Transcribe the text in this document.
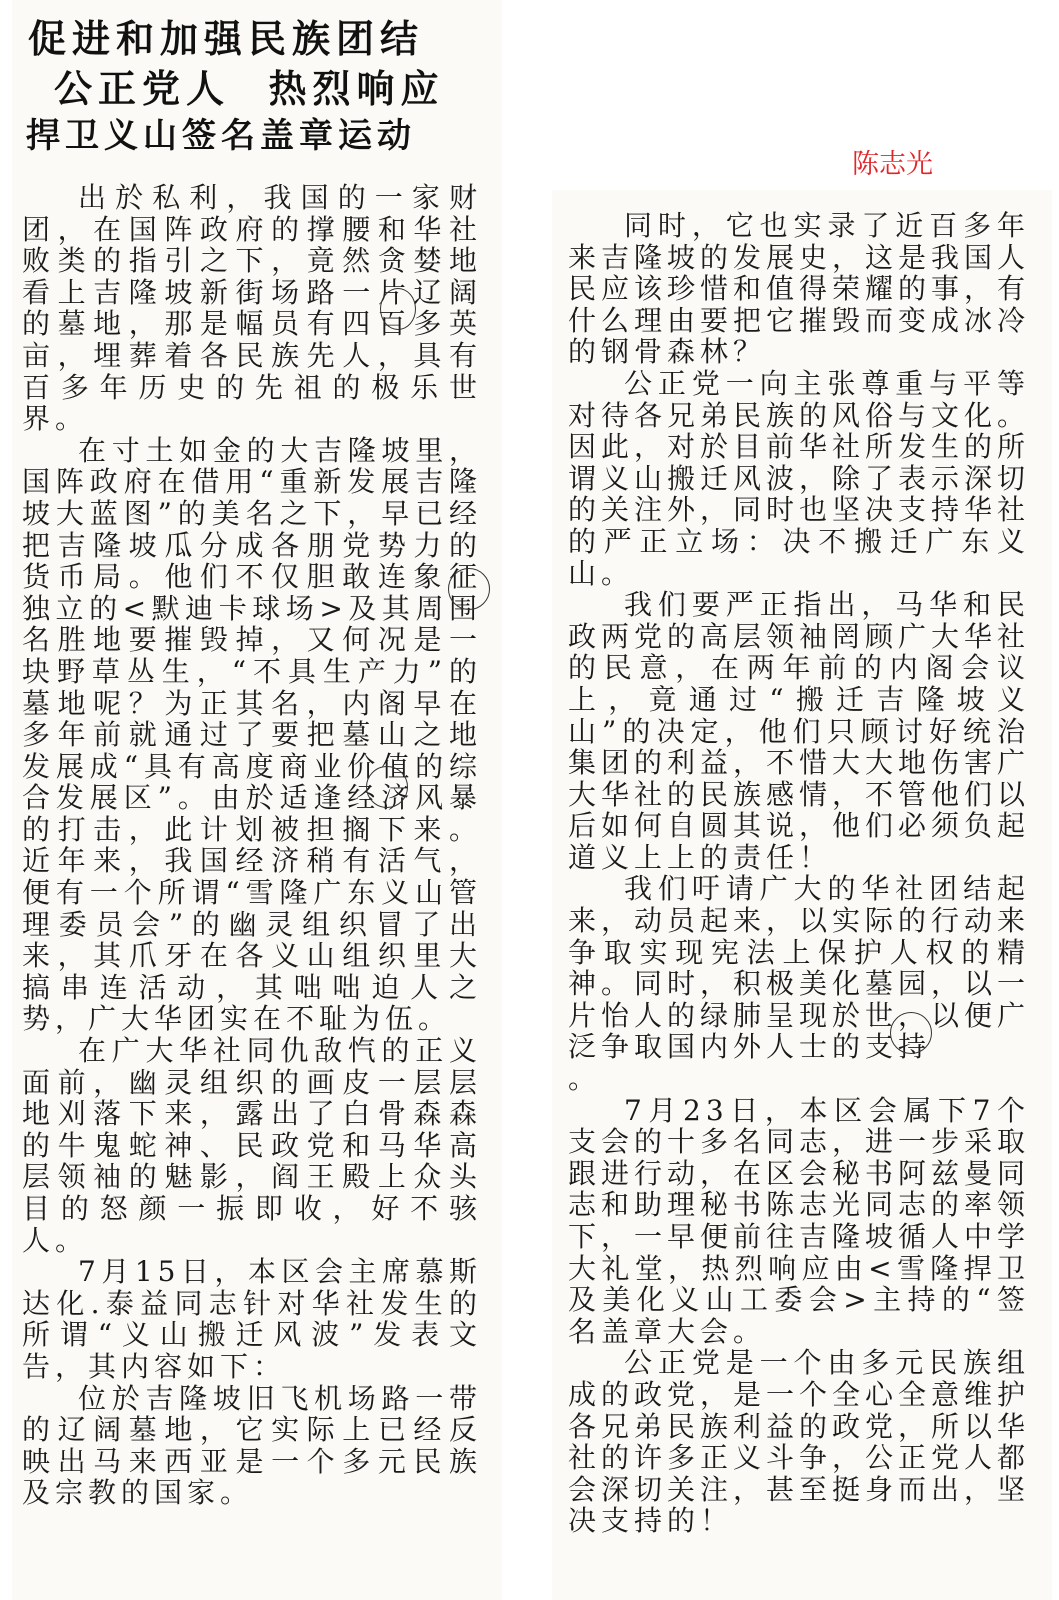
促进和加强民族团结
公正党人  热烈响应
捍卫义山签名盖章运动
陈志光

出於私利，我国的一家财团，在国阵政府的撑腰和华社败类的指引之下，竟然贪婪地看上吉隆坡新街场路一片辽阔的墓地，那是幅员有四百多英亩，埋葬着各民族先人，具有百多年历史的先祖的极乐世界。

在寸土如金的大吉隆坡里，国阵政府在借用“重新发展吉隆坡大蓝图”的美名之下，早已经把吉隆坡瓜分成各朋党势力的货币局。他们不仅胆敢连象征独立的<默迪卡球场>及其周围名胜地要摧毁掉，又何况是一块野草丛生，“不具生产力”的墓地呢？为正其名，内阁早在多年前就通过了要把墓山之地发展成“具有高度商业价值的综合发展区”。由於适逢经济风暴的打击，此计划被担搁下来。近年来，我国经济稍有活气，便有一个所谓“雪隆广东义山管理委员会”的幽灵组织冒了出来，其爪牙在各义山组织里大搞串连活动，其咄咄迫人之势，广大华团实在不耻为伍。

在广大华社同仇敌忾的正义面前，幽灵组织的画皮一层层地刈落下来，露出了白骨森森的牛鬼蛇神、民政党和马华高层领袖的魅影，阎王殿上众头目的怒颜一振即收，好不骇人。

7月15日，本区会主席慕斯达化.泰益同志针对华社发生的所谓“义山搬迁风波”发表文告，其内容如下：

位於吉隆坡旧飞机场路一带的辽阔墓地，它实际上已经反映出马来西亚是一个多元民族及宗教的国家。

同时，它也实录了近百多年来吉隆坡的发展史，这是我国人民应该珍惜和值得荣耀的事，有什么理由要把它摧毁而变成冰冷的钢骨森林？

公正党一向主张尊重与平等对待各兄弟民族的风俗与文化。因此，对於目前华社所发生的所谓义山搬迁风波，除了表示深切的关注外，同时也坚决支持华社的严正立场：决不搬迁广东义山。

我们要严正指出，马华和民政两党的高层领袖罔顾广大华社的民意，在两年前的内阁会议上，竟通过“搬迁吉隆坡义山”的决定，他们只顾讨好统治集团的利益，不惜大大地伤害广大华社的民族感情，不管他们以后如何自圆其说，他们必须负起道义上上的责任！

我们吁请广大的华社团结起来，动员起来，以实际的行动来争取实现宪法上保护人权的精神。同时，积极美化墓园，以一片怡人的绿肺呈现於世，以便广泛争取国内外人士的支持

。

7月23日，本区会属下7个支会的十多名同志，进一步采取跟进行动，在区会秘书阿兹曼同志和助理秘书陈志光同志的率领下，一早便前往吉隆坡循人中学大礼堂，热烈响应由<雪隆捍卫及美化义山工委会>主持的“签名盖章大会。

公正党是一个由多元民族组成的政党，是一个全心全意维护各兄弟民族利益的政党，所以华社的许多正义斗争，公正党人都会深切关注，甚至挺身而出，坚决支持的！
